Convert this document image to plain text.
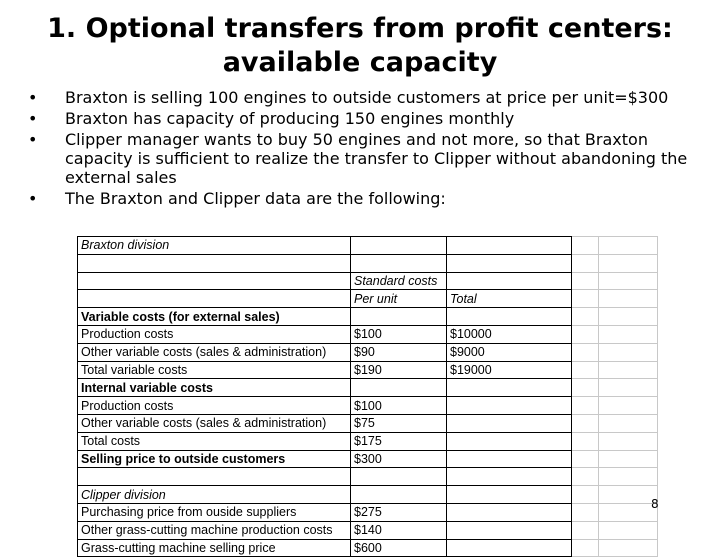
1. Optional transfers from profit centers:
available capacity
• Braxton is selling 100 engines to outside customers at price per unit=$300
• Braxton has capacity of producing 150 engines monthly
• Clipper manager wants to buy 50 engines and not more, so that Braxton capacity is sufficient to realize the transfer to Clipper without abandoning the external sales
• The Braxton and Clipper data are the following:
Braxton division				

	Standard costs			
	Per unit	Total		
Variable costs (for external sales)				
Production costs	$100	$10000		
Other variable costs (sales & administration)	$90	$9000		
Total variable costs	$190	$19000		
Internal variable costs				
Production costs	$100			
Other variable costs (sales & administration)	$75			
Total costs	$175			
Selling price to outside customers	$300			

Clipper division				
Purchasing price from ouside suppliers	$275			
Other grass-cutting machine production costs	$140			
Grass-cutting machine selling price	$600			
8
